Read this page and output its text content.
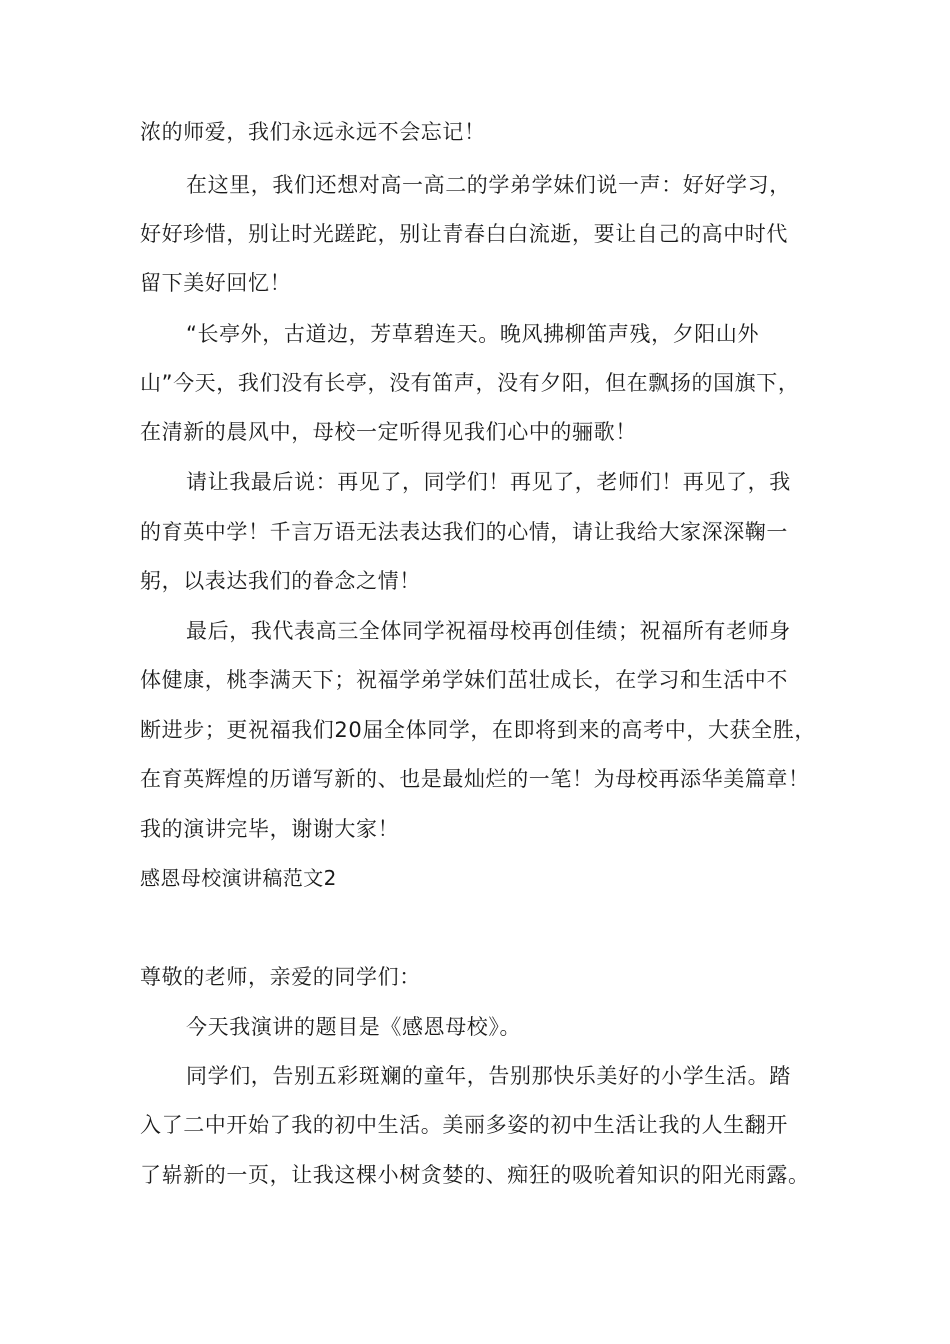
浓的师爱，我们永远永远不会忘记！
在这里，我们还想对高一高二的学弟学妹们说一声：好好学习，
好好珍惜，别让时光蹉跎，别让青春白白流逝，要让自己的高中时代
留下美好回忆！
“长亭外，古道边，芳草碧连天。晚风拂柳笛声残，夕阳山外
山”今天，我们没有长亭，没有笛声，没有夕阳，但在飘扬的国旗下，
在清新的晨风中，母校一定听得见我们心中的骊歌！
请让我最后说：再见了，同学们！再见了，老师们！再见了，我
的育英中学！千言万语无法表达我们的心情，请让我给大家深深鞠一
躬，以表达我们的眷念之情！
最后，我代表高三全体同学祝福母校再创佳绩；祝福所有老师身
体健康，桃李满天下；祝福学弟学妹们茁壮成长，在学习和生活中不
断进步；更祝福我们20届全体同学，在即将到来的高考中，大获全胜，
在育英辉煌的历谱写新的、也是最灿烂的一笔！为母校再添华美篇章！
我的演讲完毕，谢谢大家！
感恩母校演讲稿范文2
尊敬的老师，亲爱的同学们：
今天我演讲的题目是《感恩母校》。
同学们，告别五彩斑斓的童年，告别那快乐美好的小学生活。踏
入了二中开始了我的初中生活。美丽多姿的初中生活让我的人生翻开
了崭新的一页，让我这棵小树贪婪的、痴狂的吸吮着知识的阳光雨露。
